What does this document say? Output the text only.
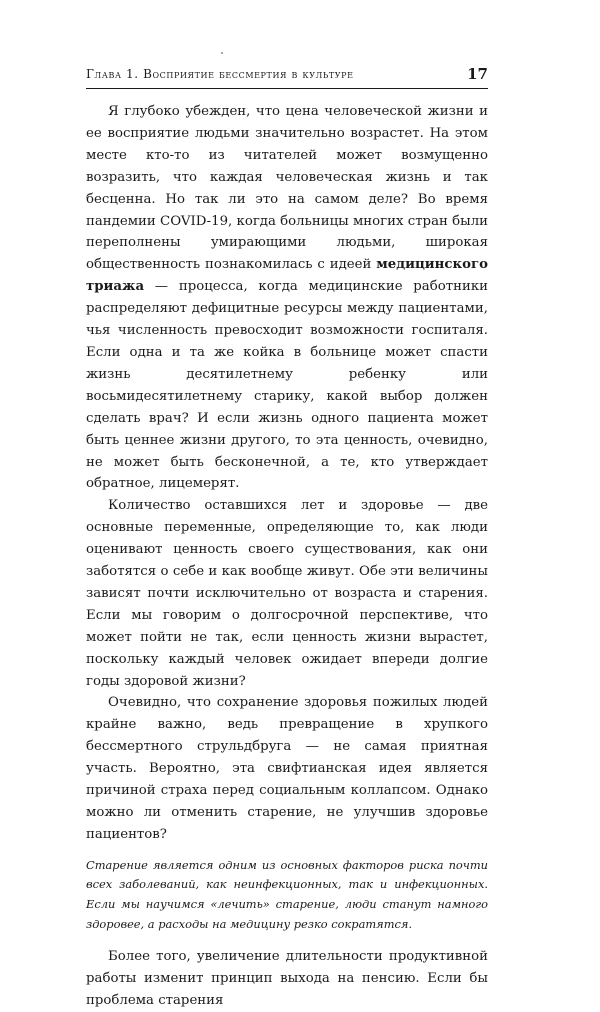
Глава 1. Восприятие бессмертия в культуре	17

Я глубоко убежден, что цена человеческой жизни и ее восприятие людьми значительно возрастет. На этом месте кто-то из читателей может возмущенно возразить, что каждая человеческая жизнь и так бесценна. Но так ли это на самом деле? Во время пандемии COVID-19, когда больницы многих стран были переполнены умирающими людьми, широкая общественность познакомилась с идеей медицинского триажа — процесса, когда медицинские работники распределяют дефицитные ресурсы между пациентами, чья численность превосходит возможности госпиталя. Если одна и та же койка в больнице может спасти жизнь десятилетнему ребенку или восьмидесятилетнему старику, какой выбор должен сделать врач? И если жизнь одного пациента может быть ценнее жизни другого, то эта ценность, очевидно, не может быть бесконечной, а те, кто утверждает обратное, лицемерят.

Количество оставшихся лет и здоровье — две основные переменные, определяющие то, как люди оценивают ценность своего существования, как они заботятся о себе и как вообще живут. Обе эти величины зависят почти исключительно от возраста и старения. Если мы говорим о долгосрочной перспективе, что может пойти не так, если ценность жизни вырастет, поскольку каждый человек ожидает впереди долгие годы здоровой жизни?

Очевидно, что сохранение здоровья пожилых людей крайне важно, ведь превращение в хрупкого бессмертного струльдбруга — не самая приятная участь. Вероятно, эта свифтианская идея является причиной страха перед социальным коллапсом. Однако можно ли отменить старение, не улучшив здоровье пациентов?

Старение является одним из основных факторов риска почти всех заболеваний, как неинфекционных, так и инфекционных. Если мы научимся «лечить» старение, люди станут намного здоровее, а расходы на медицину резко сократятся.

Более того, увеличение длительности продуктивной работы изменит принцип выхода на пенсию. Если бы проблема старения
